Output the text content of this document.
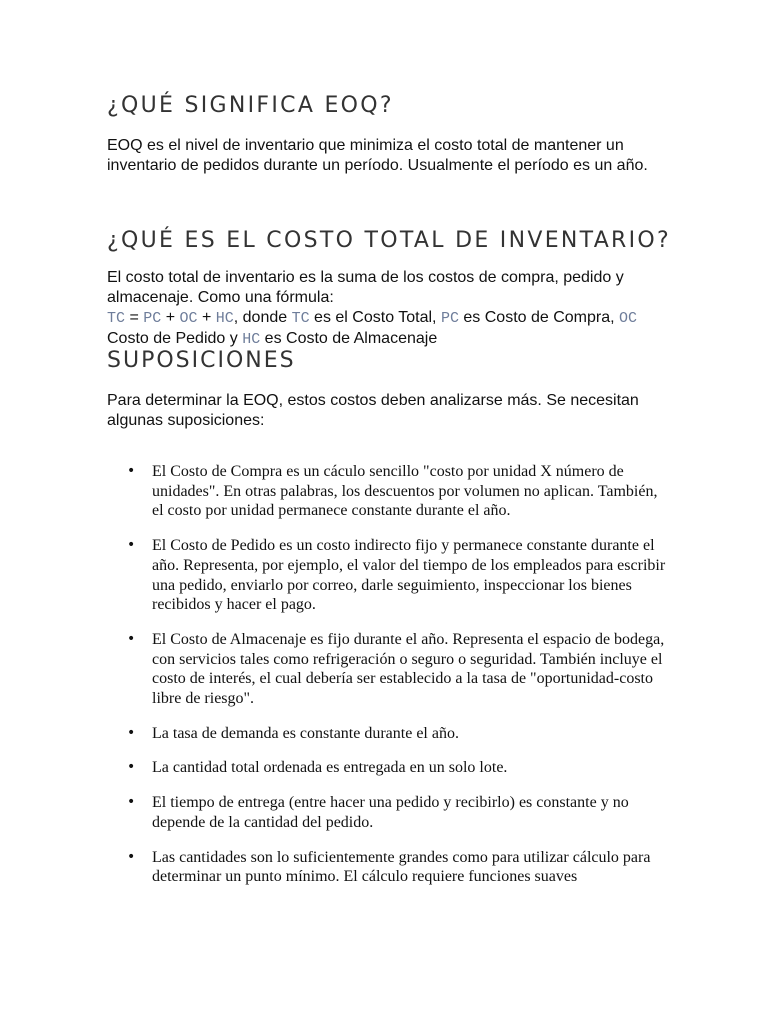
¿QUÉ SIGNIFICA EOQ?

EOQ es el nivel de inventario que minimiza el costo total de mantener un inventario de pedidos durante un período. Usualmente el período es un año.

¿QUÉ ES EL COSTO TOTAL DE INVENTARIO?

El costo total de inventario es la suma de los costos de compra, pedido y almacenaje. Como una fórmula:

TC = PC + OC + HC, donde TC es el Costo Total, PC es Costo de Compra, OC Costo de Pedido y HC es Costo de Almacenaje

SUPOSICIONES

Para determinar la EOQ, estos costos deben analizarse más. Se necesitan algunas suposiciones:

• El Costo de Compra es un cáculo sencillo "costo por unidad X número de unidades". En otras palabras, los descuentos por volumen no aplican. También, el costo por unidad permanece constante durante el año.
• El Costo de Pedido es un costo indirecto fijo y permanece constante durante el año. Representa, por ejemplo, el valor del tiempo de los empleados para escribir una pedido, enviarlo por correo, darle seguimiento, inspeccionar los bienes recibidos y hacer el pago.
• El Costo de Almacenaje es fijo durante el año. Representa el espacio de bodega, con servicios tales como refrigeración o seguro o seguridad. También incluye el costo de interés, el cual debería ser establecido a la tasa de "oportunidad-costo libre de riesgo".
• La tasa de demanda es constante durante el año.
• La cantidad total ordenada es entregada en un solo lote.
• El tiempo de entrega (entre hacer una pedido y recibirlo) es constante y no depende de la cantidad del pedido.
• Las cantidades son lo suficientemente grandes como para utilizar cálculo para determinar un punto mínimo. El cálculo requiere funciones suaves
